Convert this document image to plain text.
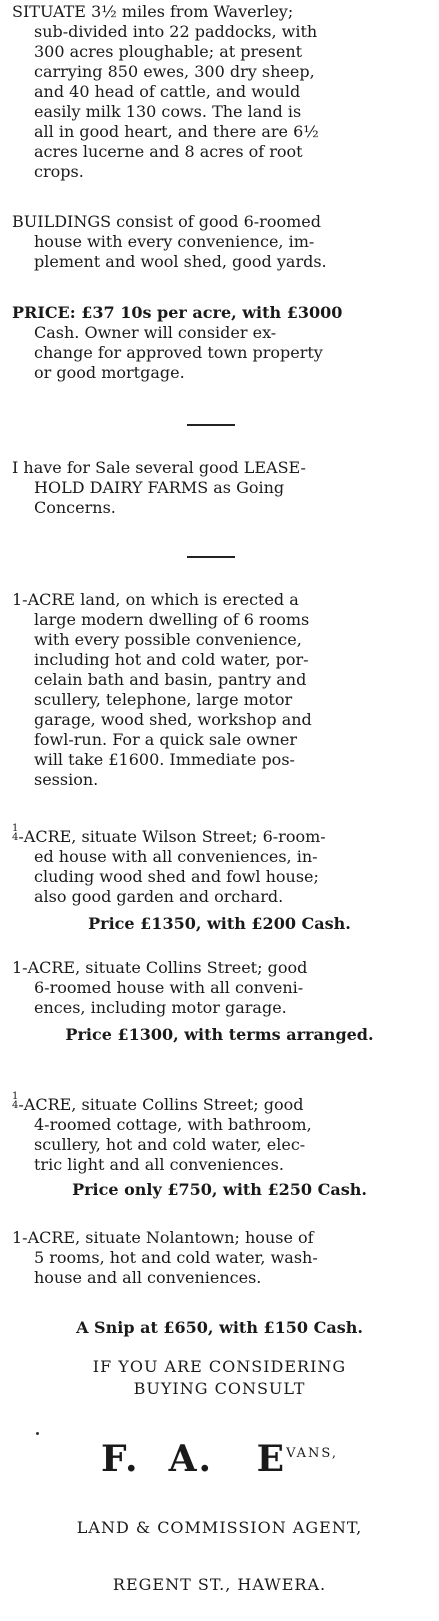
SITUATE 3½ miles from Waverley;
sub-divided into 22 paddocks, with
300 acres ploughable; at present
carrying 850 ewes, 300 dry sheep,
and 40 head of cattle, and would
easily milk 130 cows. The land is
all in good heart, and there are 6½
acres lucerne and 8 acres of root
crops.
BUILDINGS consist of good 6-roomed
house with every convenience, im-
plement and wool shed, good yards.
PRICE: £37 10s per acre, with £3000
Cash. Owner will consider ex-
change for approved town property
or good mortgage.
I have for Sale several good LEASE-
HOLD DAIRY FARMS as Going
Concerns.
1-ACRE land, on which is erected a
large modern dwelling of 6 rooms
with every possible convenience,
including hot and cold water, por-
celain bath and basin, pantry and
scullery, telephone, large motor
garage, wood shed, workshop and
fowl-run. For a quick sale owner
will take £1600. Immediate pos-
session.
1
4 -ACRE, situate Wilson Street; 6-room-
ed house with all conveniences, in-
cluding wood shed and fowl house;
also good garden and orchard.
Price £1350, with £200 Cash.
1-ACRE, situate Collins Street; good
6-roomed house with all conveni-
ences, including motor garage.
Price £1300, with terms arranged.
1
4 -ACRE, situate Collins Street; good
4-roomed cottage, with bathroom,
scullery, hot and cold water, elec-
tric light and all conveniences.
Price only £750, with £250 Cash.
1-ACRE, situate Nolantown; house of
5 rooms, hot and cold water, wash-
house and all conveniences.
A Snip at £650, with £150 Cash.
IF YOU ARE CONSIDERING
BUYING CONSULT
F. A. $E^{VANS,}$
LAND & COMMISSION AGENT,
REGENT ST., HAWERA.
